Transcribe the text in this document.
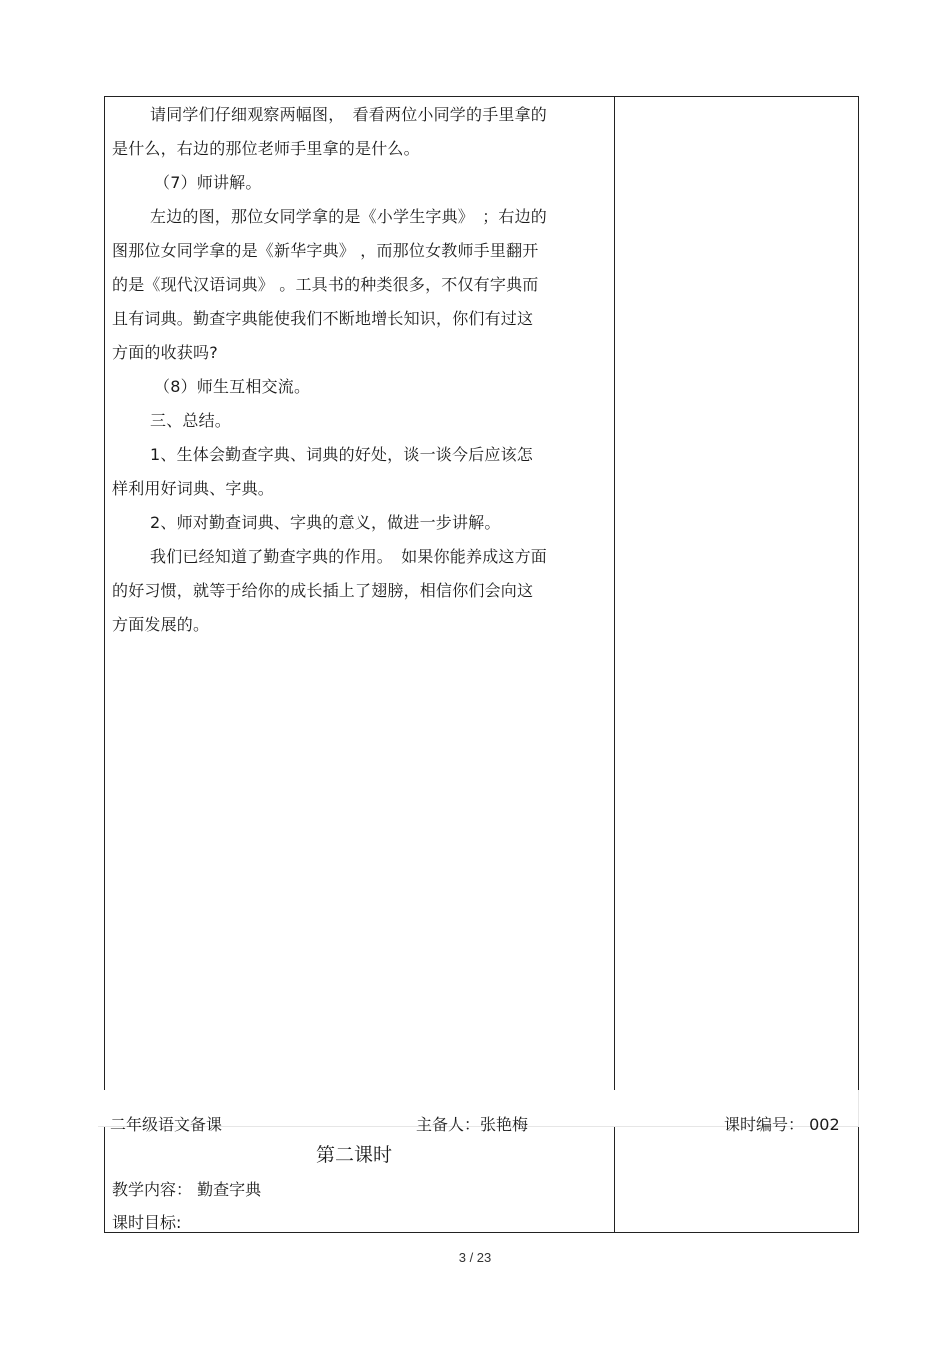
请同学们仔细观察两幅图，　看看两位小同学的手里拿的

是什么，右边的那位老师手里拿的是什么。

（7）师讲解。

左边的图，那位女同学拿的是《小学生字典》　；右边的

图那位女同学拿的是《新华字典》 ，而那位女教师手里翻开

的是《现代汉语词典》 。工具书的种类很多，不仅有字典而

且有词典。勤查字典能使我们不断地增长知识，你们有过这

方面的收获吗?

（8）师生互相交流。

三、总结。

1、生体会勤查字典、词典的好处，谈一谈今后应该怎

样利用好词典、字典。

2、师对勤查词典、字典的意义，做进一步讲解。

我们已经知道了勤查字典的作用。　如果你能养成这方面

的好习惯，就等于给你的成长插上了翅膀，相信你们会向这

方面发展的。

二年级语文备课	主备人：张艳梅	课时编号： 002
第二课时
教学内容： 勤查字典
课时目标:
3 / 23
